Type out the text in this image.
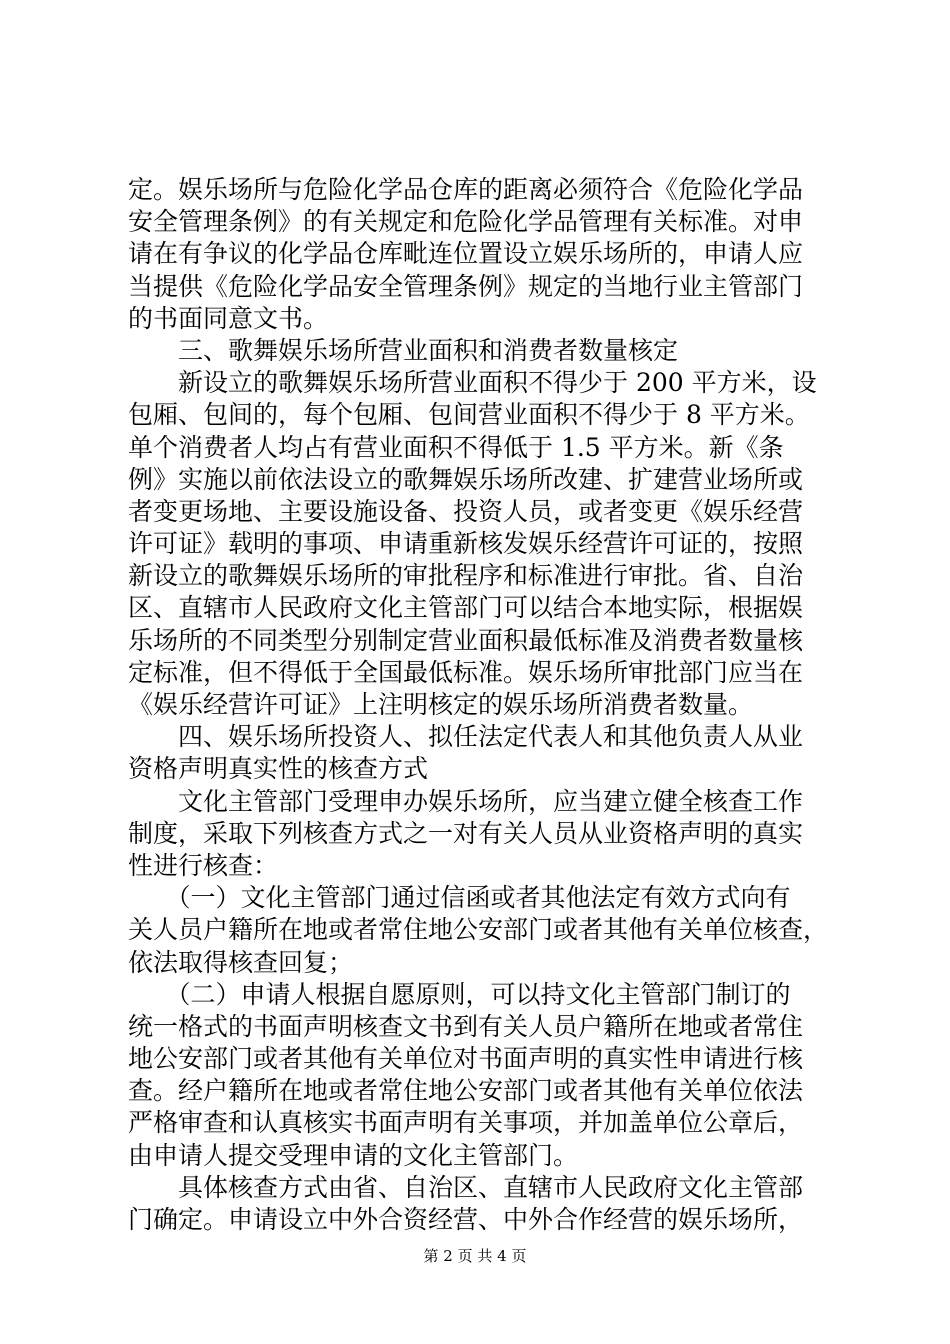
定。娱乐场所与危险化学品仓库的距离必须符合《危险化学品
安全管理条例》的有关规定和危险化学品管理有关标准。对申
请在有争议的化学品仓库毗连位置设立娱乐场所的，申请人应
当提供《危险化学品安全管理条例》规定的当地行业主管部门
的书面同意文书。
　　三、歌舞娱乐场所营业面积和消费者数量核定
　　新设立的歌舞娱乐场所营业面积不得少于 200 平方米，设
包厢、包间的，每个包厢、包间营业面积不得少于 8 平方米。
单个消费者人均占有营业面积不得低于 1.5 平方米。新《条
例》实施以前依法设立的歌舞娱乐场所改建、扩建营业场所或
者变更场地、主要设施设备、投资人员，或者变更《娱乐经营
许可证》载明的事项、申请重新核发娱乐经营许可证的，按照
新设立的歌舞娱乐场所的审批程序和标准进行审批。省、自治
区、直辖市人民政府文化主管部门可以结合本地实际，根据娱
乐场所的不同类型分别制定营业面积最低标准及消费者数量核
定标准，但不得低于全国最低标准。娱乐场所审批部门应当在
《娱乐经营许可证》上注明核定的娱乐场所消费者数量。
　　四、娱乐场所投资人、拟任法定代表人和其他负责人从业
资格声明真实性的核查方式
　　文化主管部门受理申办娱乐场所，应当建立健全核查工作
制度，采取下列核查方式之一对有关人员从业资格声明的真实
性进行核查：
　　（一）文化主管部门通过信函或者其他法定有效方式向有
关人员户籍所在地或者常住地公安部门或者其他有关单位核查，
依法取得核查回复；
　　（二）申请人根据自愿原则，可以持文化主管部门制订的
统一格式的书面声明核查文书到有关人员户籍所在地或者常住
地公安部门或者其他有关单位对书面声明的真实性申请进行核
查。经户籍所在地或者常住地公安部门或者其他有关单位依法
严格审查和认真核实书面声明有关事项，并加盖单位公章后，
由申请人提交受理申请的文化主管部门。
　　具体核查方式由省、自治区、直辖市人民政府文化主管部
门确定。申请设立中外合资经营、中外合作经营的娱乐场所，
第 2 页 共 4 页
